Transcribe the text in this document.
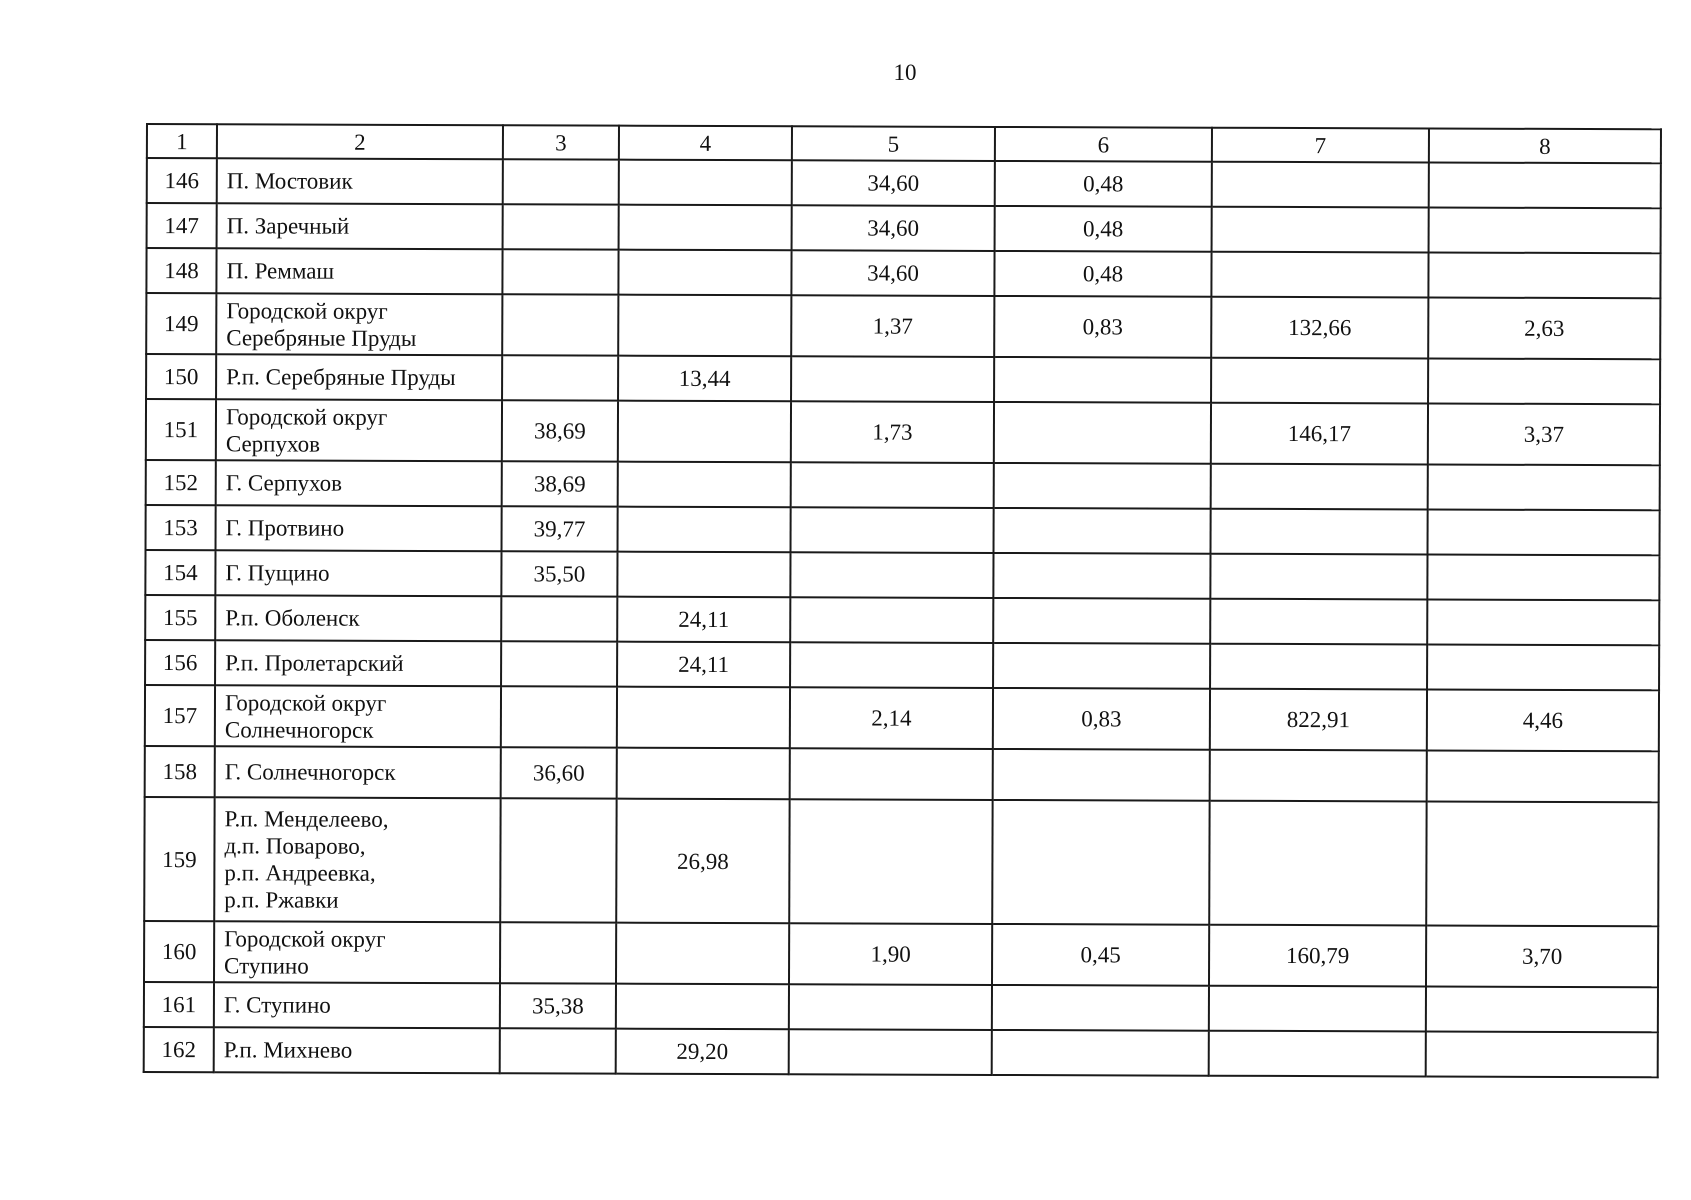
10
1	2	3	4	5	6	7	8
146	П. Мостовик			34,60	0,48		
147	П. Заречный			34,60	0,48		
148	П. Реммаш			34,60	0,48		
149	Городской округ
Серебряные Пруды			1,37	0,83	132,66	2,63
150	Р.п. Серебряные Пруды		13,44				
151	Городской округ
Серпухов	38,69		1,73		146,17	3,37
152	Г. Серпухов	38,69					
153	Г. Протвино	39,77					
154	Г. Пущино	35,50					
155	Р.п. Оболенск		24,11				
156	Р.п. Пролетарский		24,11				
157	Городской округ
Солнечногорск			2,14	0,83	822,91	4,46
158	Г. Солнечногорск	36,60					
159	Р.п. Менделеево,
д.п. Поварово,
р.п. Андреевка,
р.п. Ржавки		26,98				
160	Городской округ
Ступино			1,90	0,45	160,79	3,70
161	Г. Ступино	35,38					
162	Р.п. Михнево		29,20				
